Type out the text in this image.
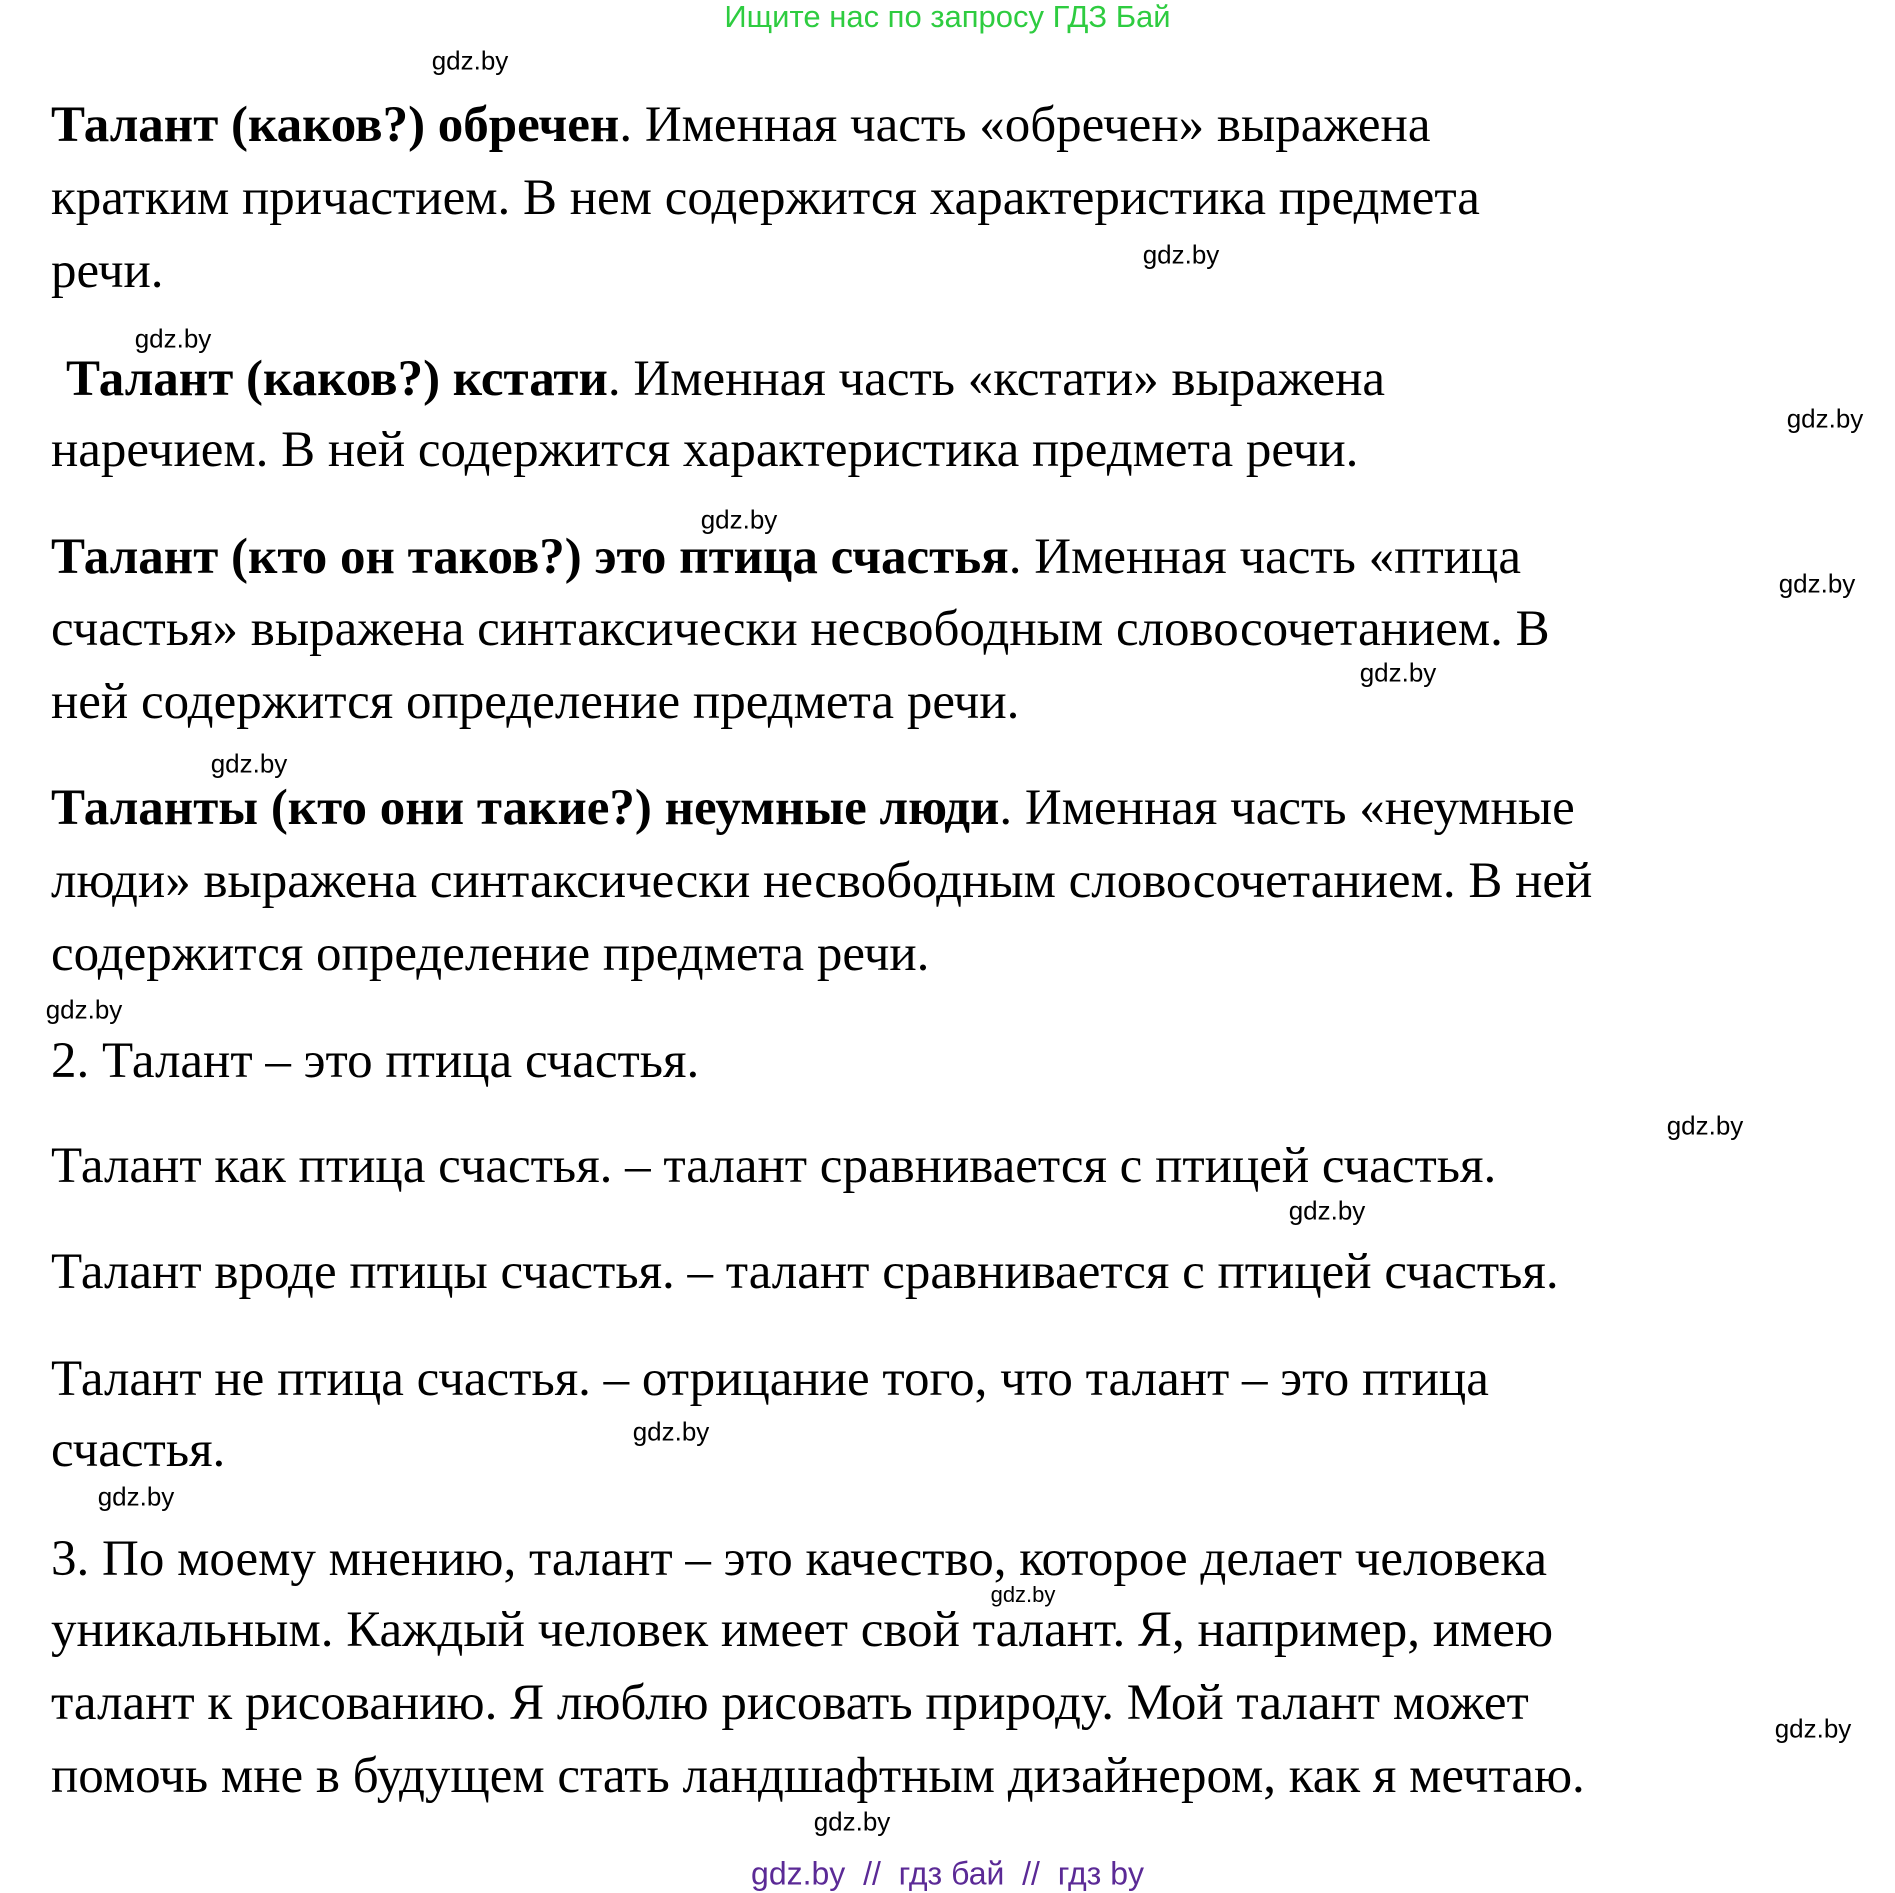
Ищите нас по запросу ГДЗ Бай
Талант (каков?) обречен. Именная часть «обречен» выражена
кратким причастием. В нем содержится характеристика предмета
речи.
Талант (каков?) кстати. Именная часть «кстати» выражена
наречием. В ней содержится характеристика предмета речи.
Талант (кто он таков?) это птица счастья. Именная часть «птица
счастья» выражена синтаксически несвободным словосочетанием. В
ней содержится определение предмета речи.
Таланты (кто они такие?) неумные люди. Именная часть «неумные
люди» выражена синтаксически несвободным словосочетанием. В ней
содержится определение предмета речи.
2. Талант – это птица счастья.
Талант как птица счастья. – талант сравнивается с птицей счастья.
Талант вроде птицы счастья. – талант сравнивается с птицей счастья.
Талант не птица счастья. – отрицание того, что талант – это птица
счастья.
3. По моему мнению, талант – это качество, которое делает человека
уникальным. Каждый человек имеет свой талант. Я, например, имею
талант к рисованию. Я люблю рисовать природу. Мой талант может
помочь мне в будущем стать ландшафтным дизайнером, как я мечтаю.
gdz.by
gdz.by
gdz.by
gdz.by
gdz.by
gdz.by
gdz.by
gdz.by
gdz.by
gdz.by
gdz.by
gdz.by
gdz.by
gdz.by
gdz.by
gdz.by
gdz.by  //  гдз бай  //  гдз by
